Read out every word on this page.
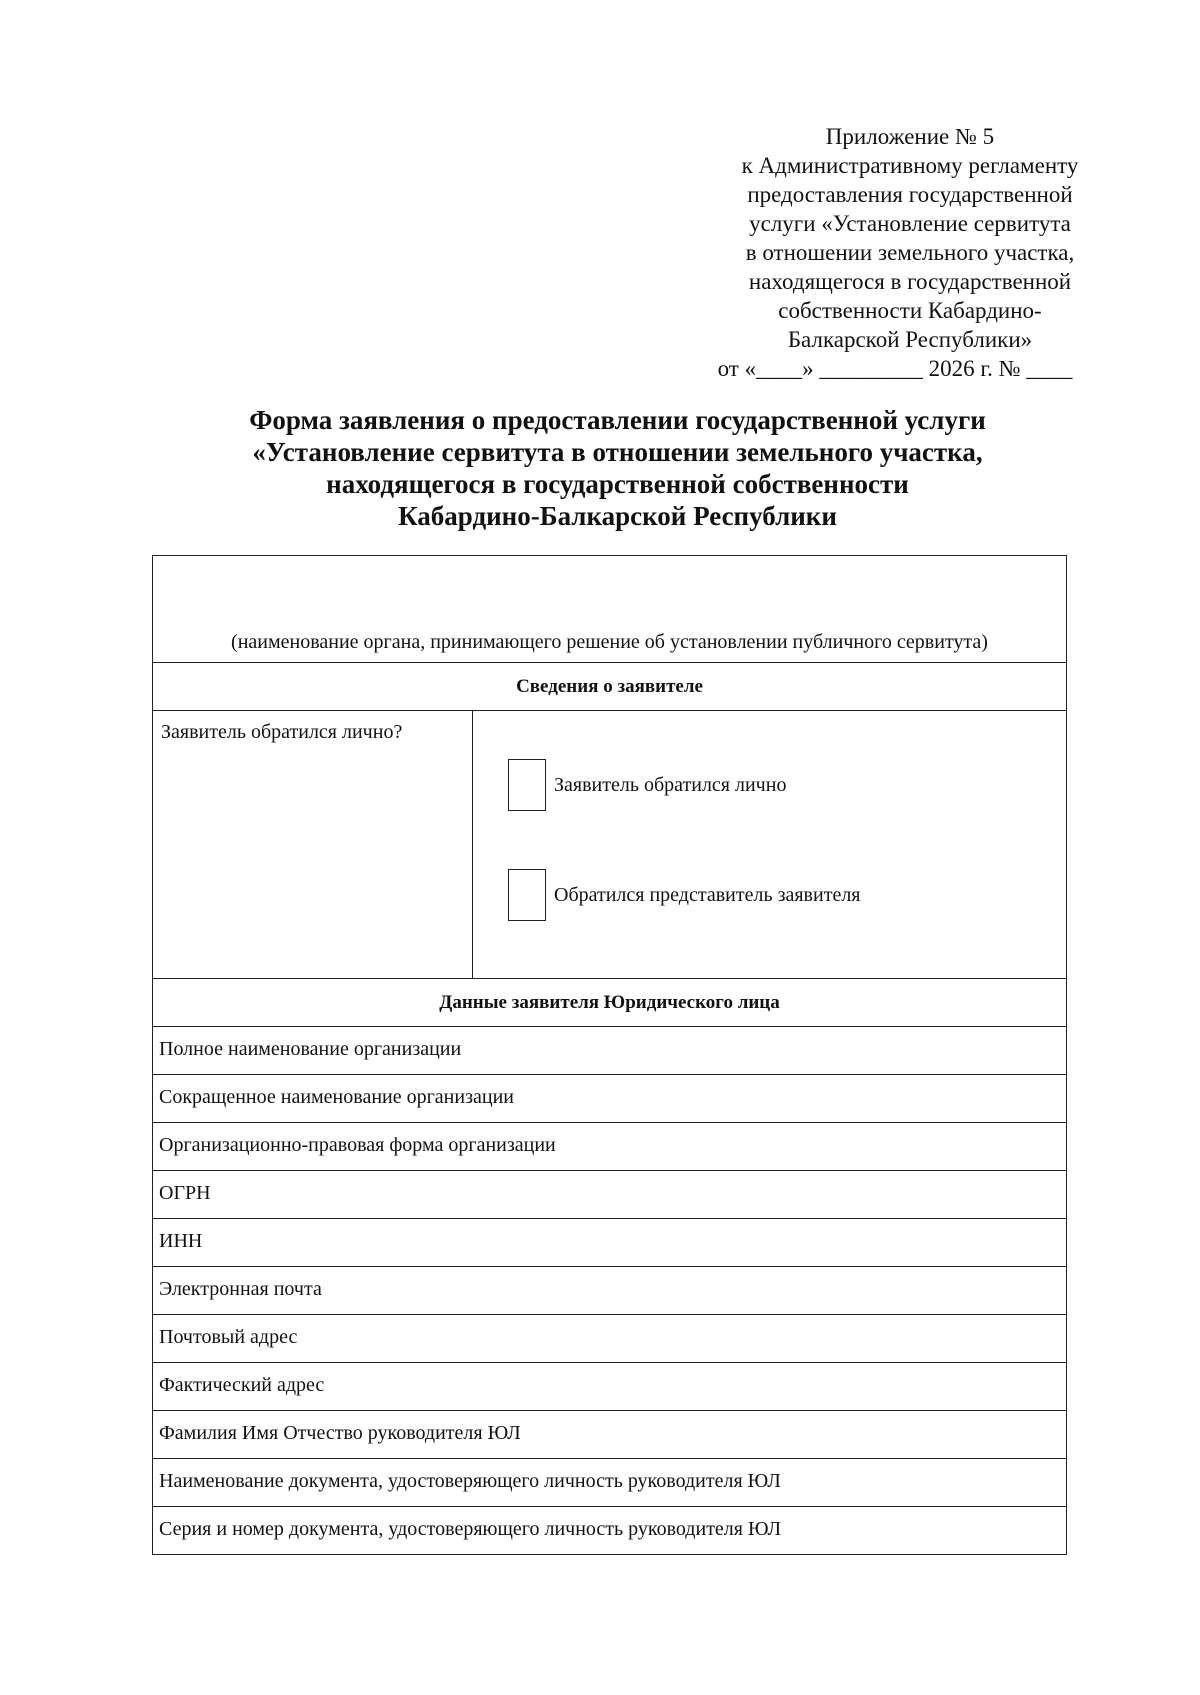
Приложение № 5
к Административному регламенту
предоставления государственной
услуги «Установление сервитута
в отношении земельного участка,
находящегося в государственной
собственности Кабардино-
Балкарской Республики»
от «____» _________ 2026 г. № ____
Форма заявления о предоставлении государственной услуги
«Установление сервитута в отношении земельного участка,
находящегося в государственной собственности
Кабардино-Балкарской Республики
(наименование органа, принимающего решение об установлении публичного сервитута)
Сведения о заявителе
Заявитель обратился лично?
Заявитель обратился лично
Обратился представитель заявителя
Данные заявителя Юридического лица
Полное наименование организации
Сокращенное наименование организации
Организационно-правовая форма организации
ОГРН
ИНН
Электронная почта
Почтовый адрес
Фактический адрес
Фамилия Имя Отчество руководителя ЮЛ
Наименование документа, удостоверяющего личность руководителя ЮЛ
Серия и номер документа, удостоверяющего личность руководителя ЮЛ
